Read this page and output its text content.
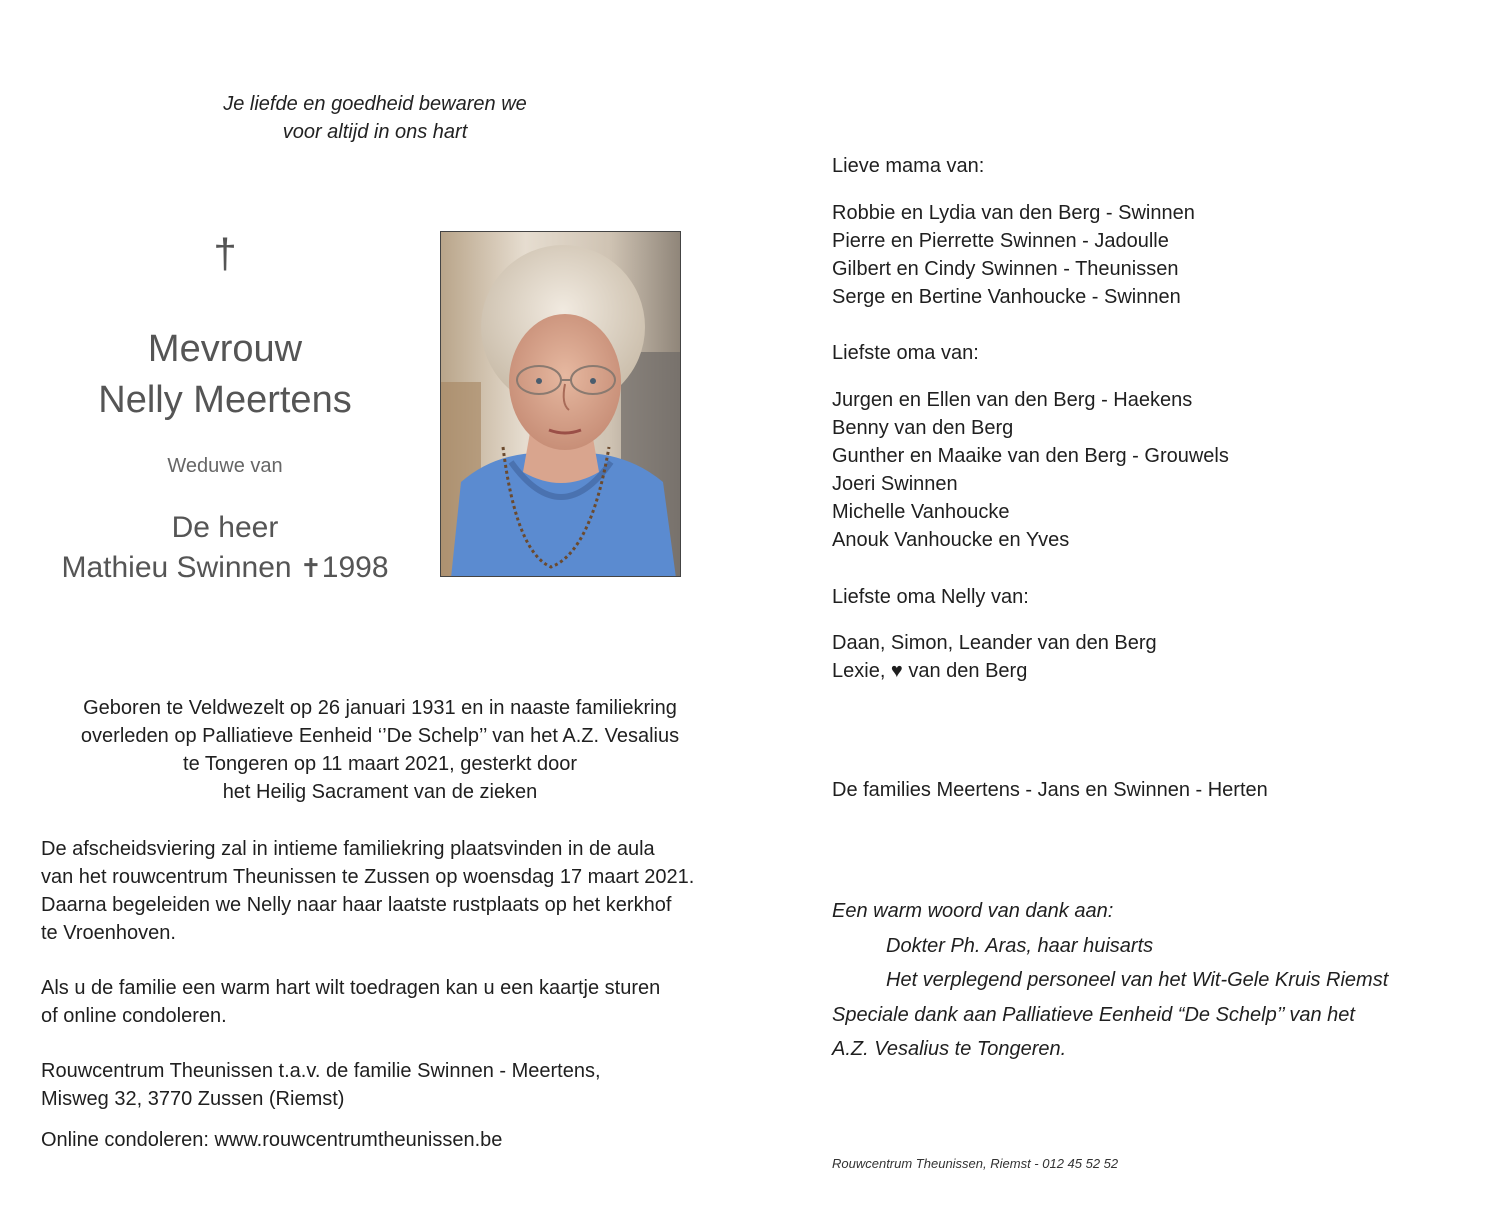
Je liefde en goedheid bewaren we
voor altijd in ons hart
†
Mevrouw
Nelly Meertens
Weduwe van
De heer
Mathieu Swinnen ✝1998
Geboren te Veldwezelt op 26 januari 1931 en in naaste familiekring
overleden op Palliatieve Eenheid ‘’De Schelp’’ van het A.Z. Vesalius
te Tongeren op 11 maart 2021, gesterkt door
het Heilig Sacrament van de zieken
De afscheidsviering zal in intieme familiekring plaatsvinden in de aula
van het rouwcentrum Theunissen te Zussen op woensdag 17 maart 2021.
Daarna begeleiden we Nelly naar haar laatste rustplaats op het kerkhof
te Vroenhoven.
Als u de familie een warm hart wilt toedragen kan u een kaartje sturen
of online condoleren.
Rouwcentrum Theunissen t.a.v. de familie Swinnen - Meertens,
Misweg 32, 3770 Zussen (Riemst)
Online condoleren: www.rouwcentrumtheunissen.be
Lieve mama van:
Robbie en Lydia van den Berg - Swinnen
Pierre en Pierrette Swinnen - Jadoulle
Gilbert en Cindy Swinnen - Theunissen
Serge en Bertine Vanhoucke - Swinnen
Liefste oma van:
Jurgen en Ellen van den Berg - Haekens
Benny van den Berg
Gunther en Maaike van den Berg - Grouwels
Joeri Swinnen
Michelle Vanhoucke
Anouk Vanhoucke en Yves
Liefste oma Nelly van:
Daan, Simon, Leander van den Berg
Lexie, ♥ van den Berg
De families Meertens - Jans en Swinnen - Herten
Een warm woord van dank aan:
Dokter Ph. Aras, haar huisarts
Het verplegend personeel van het Wit-Gele Kruis Riemst
Speciale dank aan Palliatieve Eenheid “De Schelp’’ van het
A.Z. Vesalius te Tongeren.
Rouwcentrum Theunissen, Riemst - 012 45 52 52
